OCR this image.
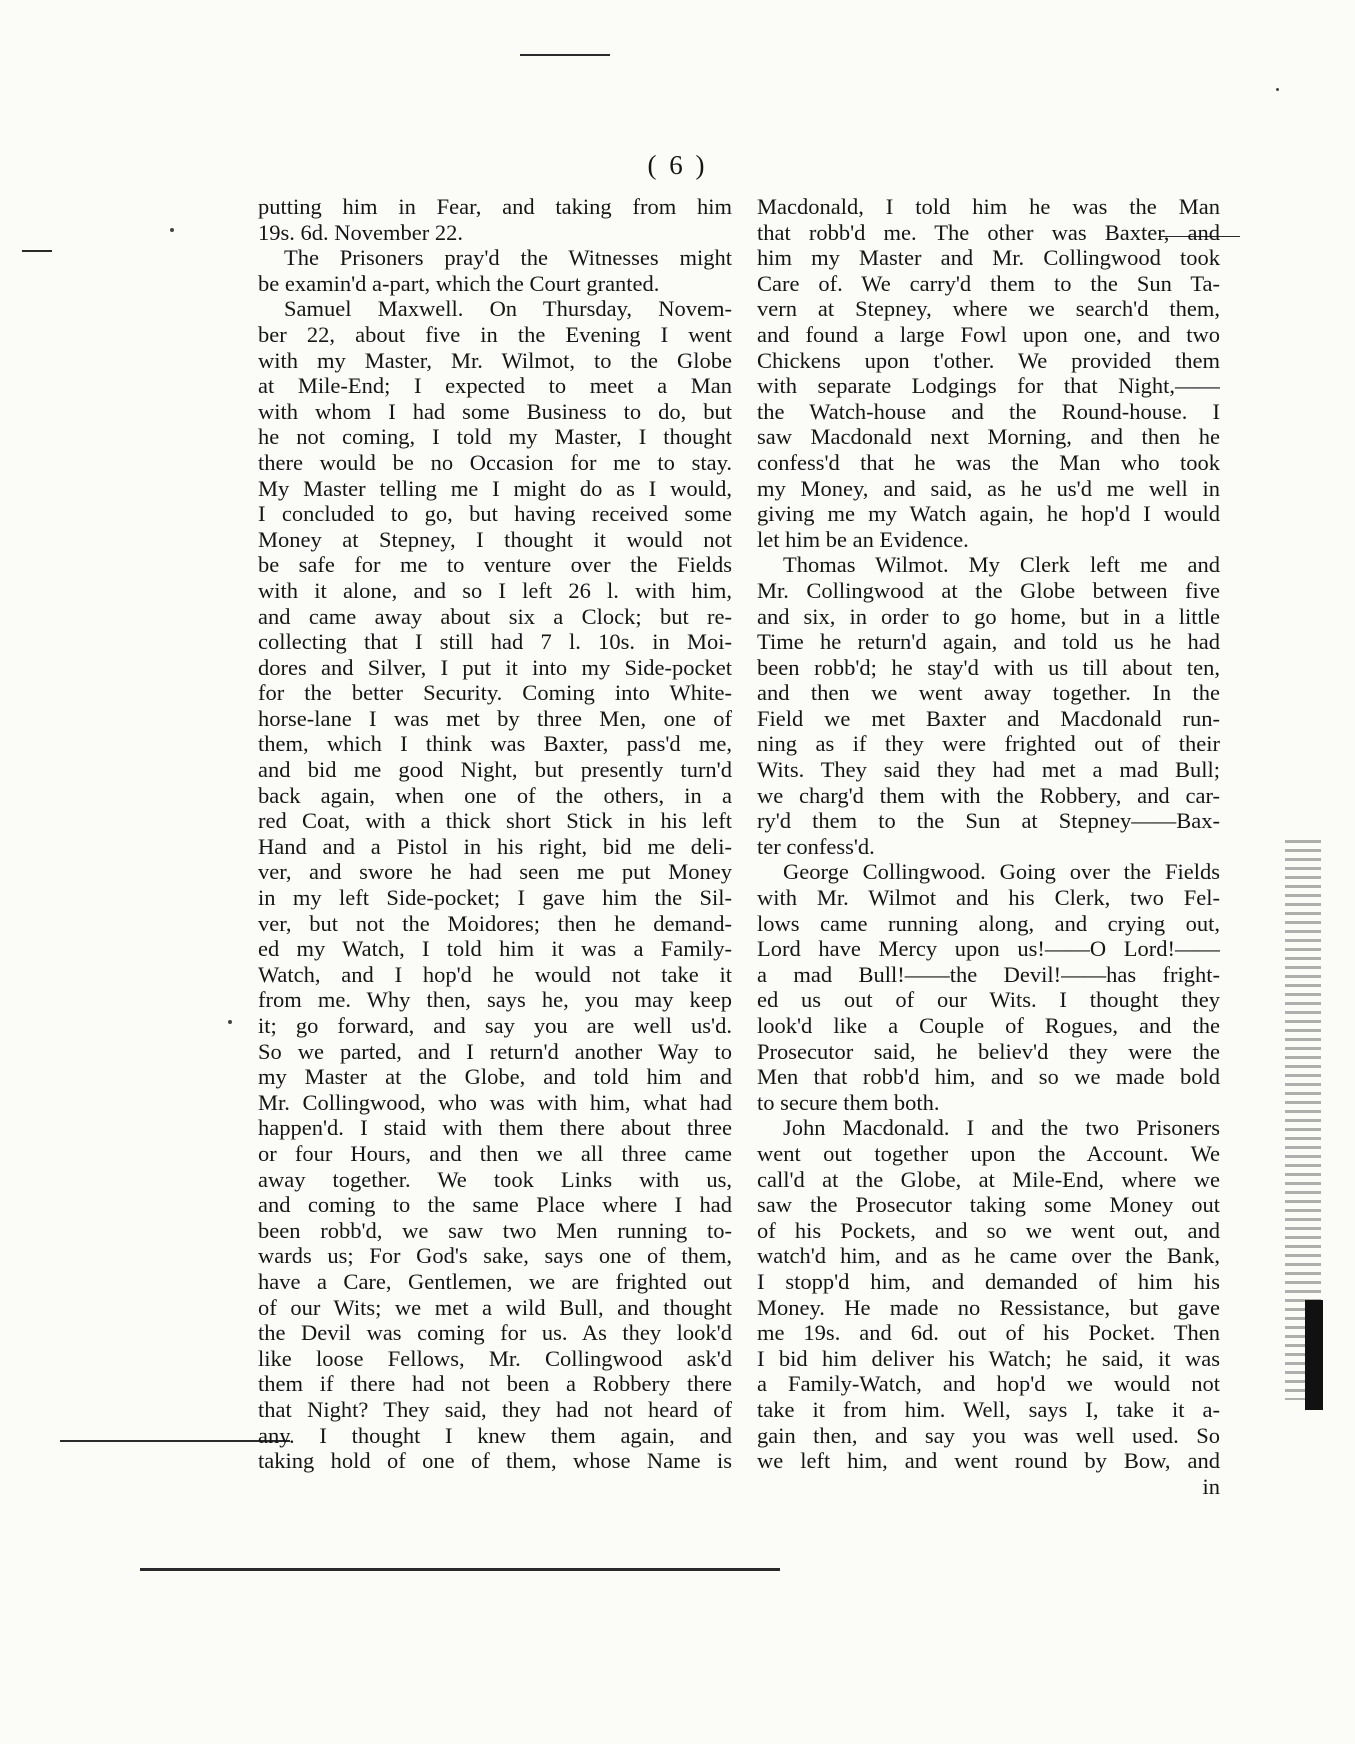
( 6 )
putting him in Fear, and taking from him
19s. 6d. November 22.
The Prisoners pray'd the Witnesses might
be examin'd a-part, which the Court granted.
Samuel Maxwell. On Thursday, Novem-
ber 22, about five in the Evening I went
with my Master, Mr. Wilmot, to the Globe
at Mile-End; I expected to meet a Man
with whom I had some Business to do, but
he not coming, I told my Master, I thought
there would be no Occasion for me to stay.
My Master telling me I might do as I would,
I concluded to go, but having received some
Money at Stepney, I thought it would not
be safe for me to venture over the Fields
with it alone, and so I left 26 l. with him,
and came away about six a Clock; but re-
collecting that I still had 7 l. 10s. in Moi-
dores and Silver, I put it into my Side-pocket
for the better Security. Coming into White-
horse-lane I was met by three Men, one of
them, which I think was Baxter, pass'd me,
and bid me good Night, but presently turn'd
back again, when one of the others, in a
red Coat, with a thick short Stick in his left
Hand and a Pistol in his right, bid me deli-
ver, and swore he had seen me put Money
in my left Side-pocket; I gave him the Sil-
ver, but not the Moidores; then he demand-
ed my Watch, I told him it was a Family-
Watch, and I hop'd he would not take it
from me. Why then, says he, you may keep
it; go forward, and say you are well us'd.
So we parted, and I return'd another Way to
my Master at the Globe, and told him and
Mr. Collingwood, who was with him, what had
happen'd. I staid with them there about three
or four Hours, and then we all three came
away together. We took Links with us,
and coming to the same Place where I had
been robb'd, we saw two Men running to-
wards us; For God's sake, says one of them,
have a Care, Gentlemen, we are frighted out
of our Wits; we met a wild Bull, and thought
the Devil was coming for us. As they look'd
like loose Fellows, Mr. Collingwood ask'd
them if there had not been a Robbery there
that Night? They said, they had not heard of
any. I thought I knew them again, and
taking hold of one of them, whose Name is
Macdonald, I told him he was the Man
that robb'd me. The other was Baxter, and
him my Master and Mr. Collingwood took
Care of. We carry'd them to the Sun Ta-
vern at Stepney, where we search'd them,
and found a large Fowl upon one, and two
Chickens upon t'other. We provided them
with separate Lodgings for that Night,——
the Watch-house and the Round-house. I
saw Macdonald next Morning, and then he
confess'd that he was the Man who took
my Money, and said, as he us'd me well in
giving me my Watch again, he hop'd I would
let him be an Evidence.
Thomas Wilmot. My Clerk left me and
Mr. Collingwood at the Globe between five
and six, in order to go home, but in a little
Time he return'd again, and told us he had
been robb'd; he stay'd with us till about ten,
and then we went away together. In the
Field we met Baxter and Macdonald run-
ning as if they were frighted out of their
Wits. They said they had met a mad Bull;
we charg'd them with the Robbery, and car-
ry'd them to the Sun at Stepney——Bax-
ter confess'd.
George Collingwood. Going over the Fields
with Mr. Wilmot and his Clerk, two Fel-
lows came running along, and crying out,
Lord have Mercy upon us!——O Lord!——
a mad Bull!——the Devil!——has fright-
ed us out of our Wits. I thought they
look'd like a Couple of Rogues, and the
Prosecutor said, he believ'd they were the
Men that robb'd him, and so we made bold
to secure them both.
John Macdonald. I and the two Prisoners
went out together upon the Account. We
call'd at the Globe, at Mile-End, where we
saw the Prosecutor taking some Money out
of his Pockets, and so we went out, and
watch'd him, and as he came over the Bank,
I stopp'd him, and demanded of him his
Money. He made no Ressistance, but gave
me 19s. and 6d. out of his Pocket. Then
I bid him deliver his Watch; he said, it was
a Family-Watch, and hop'd we would not
take it from him. Well, says I, take it a-
gain then, and say you was well used. So
we left him, and went round by Bow, and
in
